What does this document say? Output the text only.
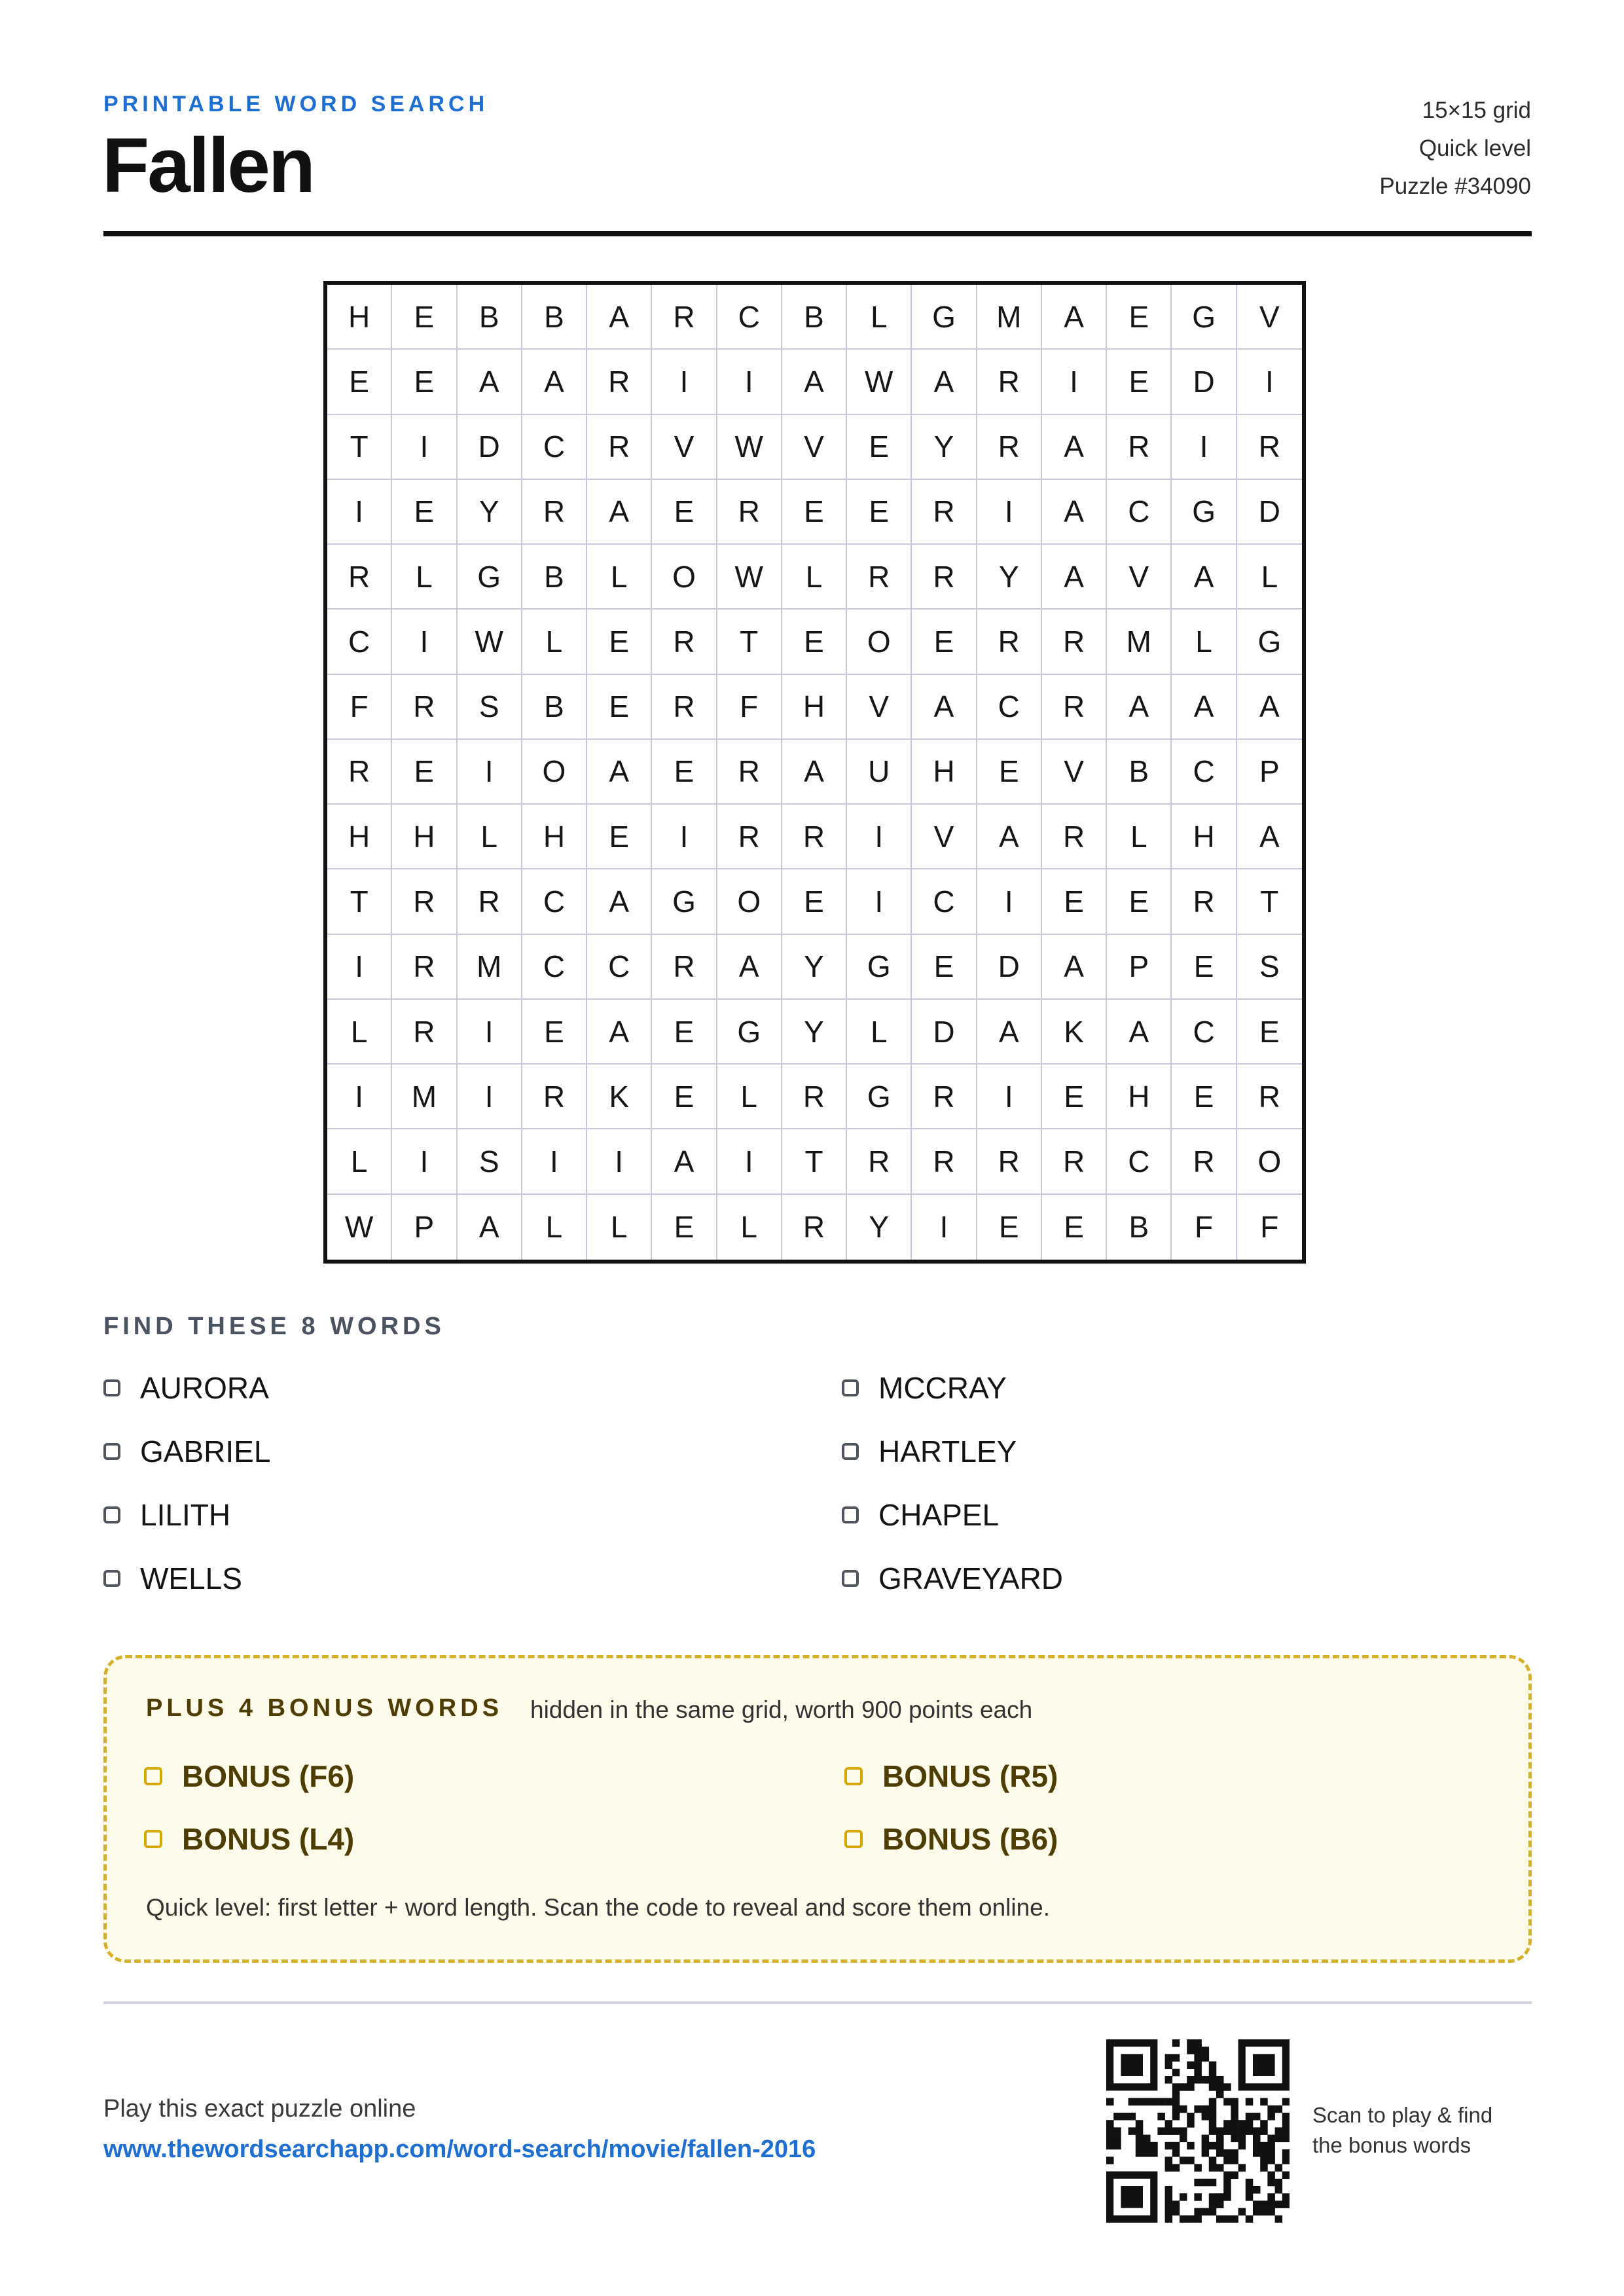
PRINTABLE WORD SEARCH
Fallen
15×15 grid
Quick level
Puzzle #34090
H	E	B	B	A	R	C	B	L	G	M	A	E	G	V
E	E	A	A	R	I	I	A	W	A	R	I	E	D	I
T	I	D	C	R	V	W	V	E	Y	R	A	R	I	R
I	E	Y	R	A	E	R	E	E	R	I	A	C	G	D
R	L	G	B	L	O	W	L	R	R	Y	A	V	A	L
C	I	W	L	E	R	T	E	O	E	R	R	M	L	G
F	R	S	B	E	R	F	H	V	A	C	R	A	A	A
R	E	I	O	A	E	R	A	U	H	E	V	B	C	P
H	H	L	H	E	I	R	R	I	V	A	R	L	H	A
T	R	R	C	A	G	O	E	I	C	I	E	E	R	T
I	R	M	C	C	R	A	Y	G	E	D	A	P	E	S
L	R	I	E	A	E	G	Y	L	D	A	K	A	C	E
I	M	I	R	K	E	L	R	G	R	I	E	H	E	R
L	I	S	I	I	A	I	T	R	R	R	R	C	R	O
W	P	A	L	L	E	L	R	Y	I	E	E	B	F	F
FIND THESE 8 WORDS
AURORA	MCCRAY
GABRIEL	HARTLEY
LILITH	CHAPEL
WELLS	GRAVEYARD
PLUS 4 BONUS WORDS hidden in the same grid, worth 900 points each
Quick level: first letter + word length. Scan the code to reveal and score them online.
BONUS (F6)	BONUS (R5)
BONUS (L4)	BONUS (B6)
Play this exact puzzle online
www.thewordsearchapp.com/word-search/movie/fallen-2016
Scan to play & find
the bonus words
